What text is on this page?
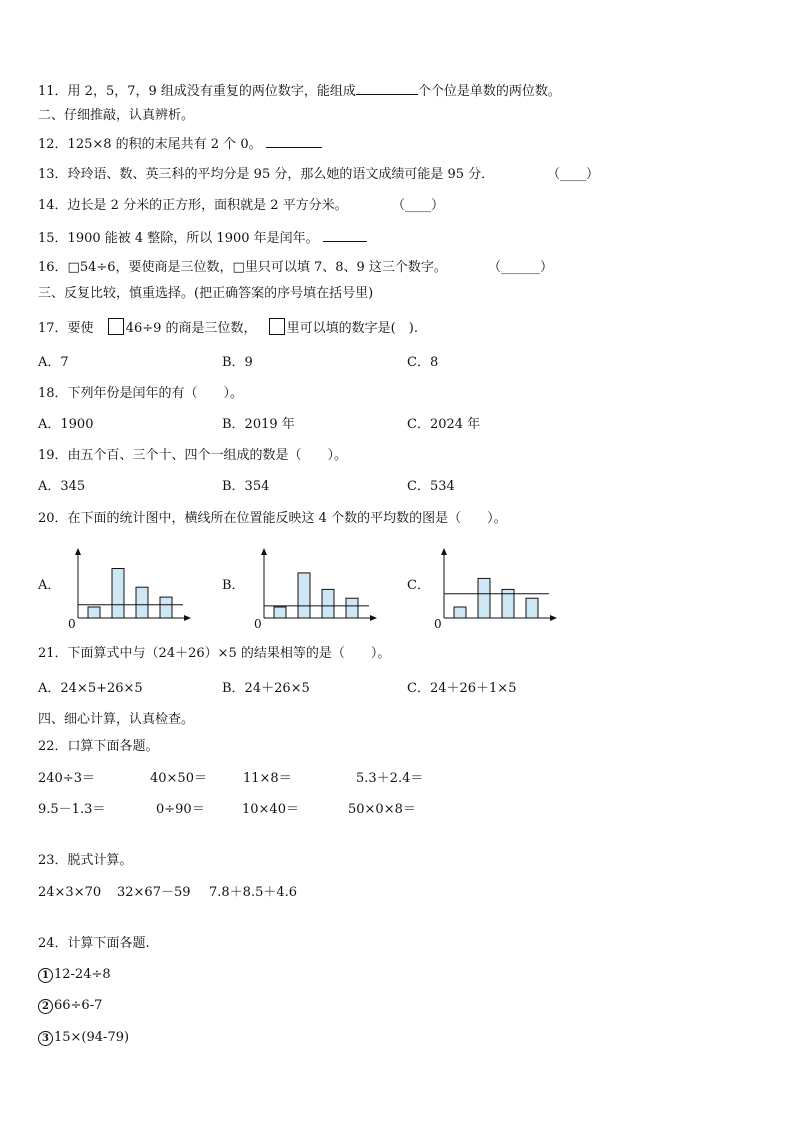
11．用 2，5，7，9 组成没有重复的两位数字，能组成	个个位是单数的两位数。
二、仔细推敲，认真辨析。
12．125×8 的积的末尾共有 2 个 0。
13．玲玲语、数、英三科的平均分是 95 分，那么她的语文成绩可能是 95 分．	（____）
14．边长是 2 分米的正方形，面积就是 2 平方分米。	（____）
15．1900 能被 4 整除，所以 1900 年是闰年。
16．□54÷6，要使商是三位数，□里只可以填 7、8、9 这三个数字。	（______）
三、反复比较，慎重选择。(把正确答案的序号填在括号里)
17．要使 46÷9 的商是三位数， 里可以填的数字是(　).
A．7	B．9	C．8
18．下列年份是闰年的有（　　）。
A．1900	B．2019 年	C．2024 年
19．由五个百、三个十、四个一组成的数是（　　）。
A．345	B．354	C．534
20．在下面的统计图中，横线所在位置能反映这 4 个数的平均数的图是（　　）。
A．	B．	C．
0	0	0
21．下面算式中与（24＋26）×5 的结果相等的是（　　）。
A．24×5+26×5	B．24＋26×5	C．24＋26＋1×5
四、细心计算，认真检查。
22．口算下面各题。
240÷3＝	40×50＝	11×8＝	5.3＋2.4＝
9.5－1.3＝	0÷90＝	10×40＝	50×0×8＝
23．脱式计算。
24×3×70 32×67－59 7.8＋8.5＋4.6
24．计算下面各题.
1 12-24÷8
2 66÷6-7
3 15×(94-79)
